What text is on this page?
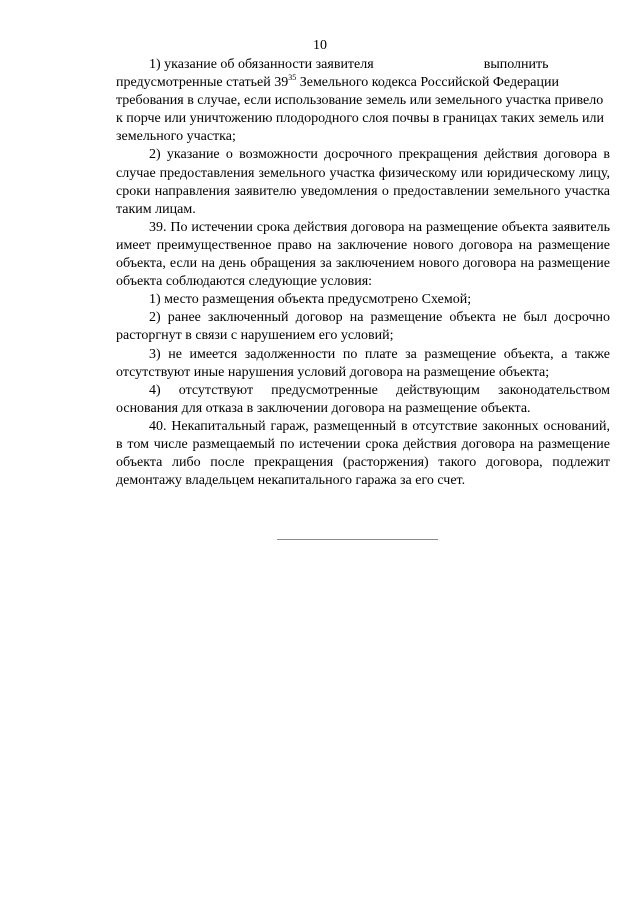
10

1) указание об обязанности заявителя	выполнить предусмотренные статьей $39^{35}$ Земельного кодекса Российской Федерации требования в случае, если использование земель или земельного участка привело к порче или уничтожению плодородного слоя почвы в границах таких земель или земельного участка;

2) указание о возможности досрочного прекращения действия договора в случае предоставления земельного участка физическому или юридическому лицу, сроки направления заявителю уведомления о предоставлении земельного участка таким лицам.

39. По истечении срока действия договора на размещение объекта заявитель имеет преимущественное право на заключение нового договора на размещение объекта, если на день обращения за заключением нового договора на размещение объекта соблюдаются следующие условия:

1) место размещения объекта предусмотрено Схемой;

2) ранее заключенный договор на размещение объекта не был досрочно расторгнут в связи с нарушением его условий;

3) не имеется задолженности по плате за размещение объекта, а также отсутствуют иные нарушения условий договора на размещение объекта;

4) отсутствуют предусмотренные действующим законодательством основания для отказа в заключении договора на размещение объекта.

40. Некапитальный гараж, размещенный в отсутствие законных оснований, в том числе размещаемый по истечении срока действия договора на размещение объекта либо после прекращения (расторжения) такого договора, подлежит демонтажу владельцем некапитального гаража за его счет.
